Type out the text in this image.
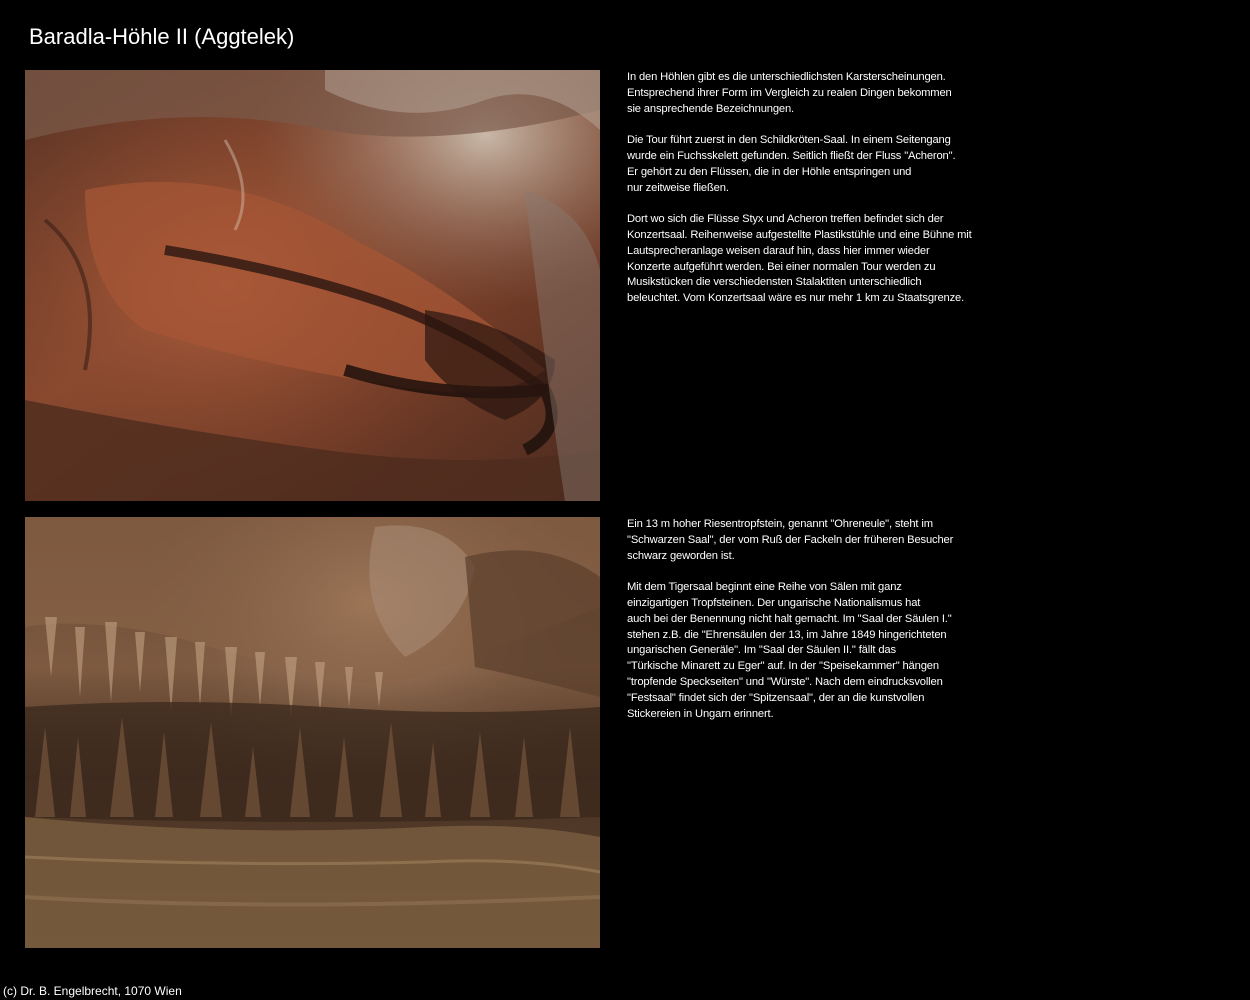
Baradla-Höhle II (Aggtelek)
In den Höhlen gibt es die unterschiedlichsten Karsterscheinungen.
Entsprechend ihrer Form im Vergleich zu realen Dingen bekommen
sie ansprechende Bezeichnungen.
Die Tour führt zuerst in den Schildkröten-Saal. In einem Seitengang
wurde ein Fuchsskelett gefunden. Seitlich fließt der Fluss "Acheron".
Er gehört zu den Flüssen, die in der Höhle entspringen und
nur zeitweise fließen.
Dort wo sich die Flüsse Styx und Acheron treffen befindet sich der
Konzertsaal. Reihenweise aufgestellte Plastikstühle und eine Bühne mit
Lautsprecheranlage weisen darauf hin, dass hier immer wieder
Konzerte aufgeführt werden. Bei einer normalen Tour werden zu
Musikstücken die verschiedensten Stalaktiten unterschiedlich
beleuchtet. Vom Konzertsaal wäre es nur mehr 1 km zu Staatsgrenze.
Ein 13 m hoher Riesentropfstein, genannt "Ohreneule", steht im
"Schwarzen Saal", der vom Ruß der Fackeln der früheren Besucher
schwarz geworden ist.
Mit dem Tigersaal beginnt eine Reihe von Sälen mit ganz
einzigartigen Tropfsteinen. Der ungarische Nationalismus hat
auch bei der Benennung nicht halt gemacht. Im "Saal der Säulen I."
stehen z.B. die "Ehrensäulen der 13, im Jahre 1849 hingerichteten
ungarischen Generäle". Im "Saal der Säulen II." fällt das
"Türkische Minarett zu Eger" auf. In der "Speisekammer" hängen
"tropfende Speckseiten" und "Würste". Nach dem eindrucksvollen
"Festsaal" findet sich der "Spitzensaal", der an die kunstvollen
Stickereien in Ungarn erinnert.
(c) Dr. B. Engelbrecht, 1070 Wien
